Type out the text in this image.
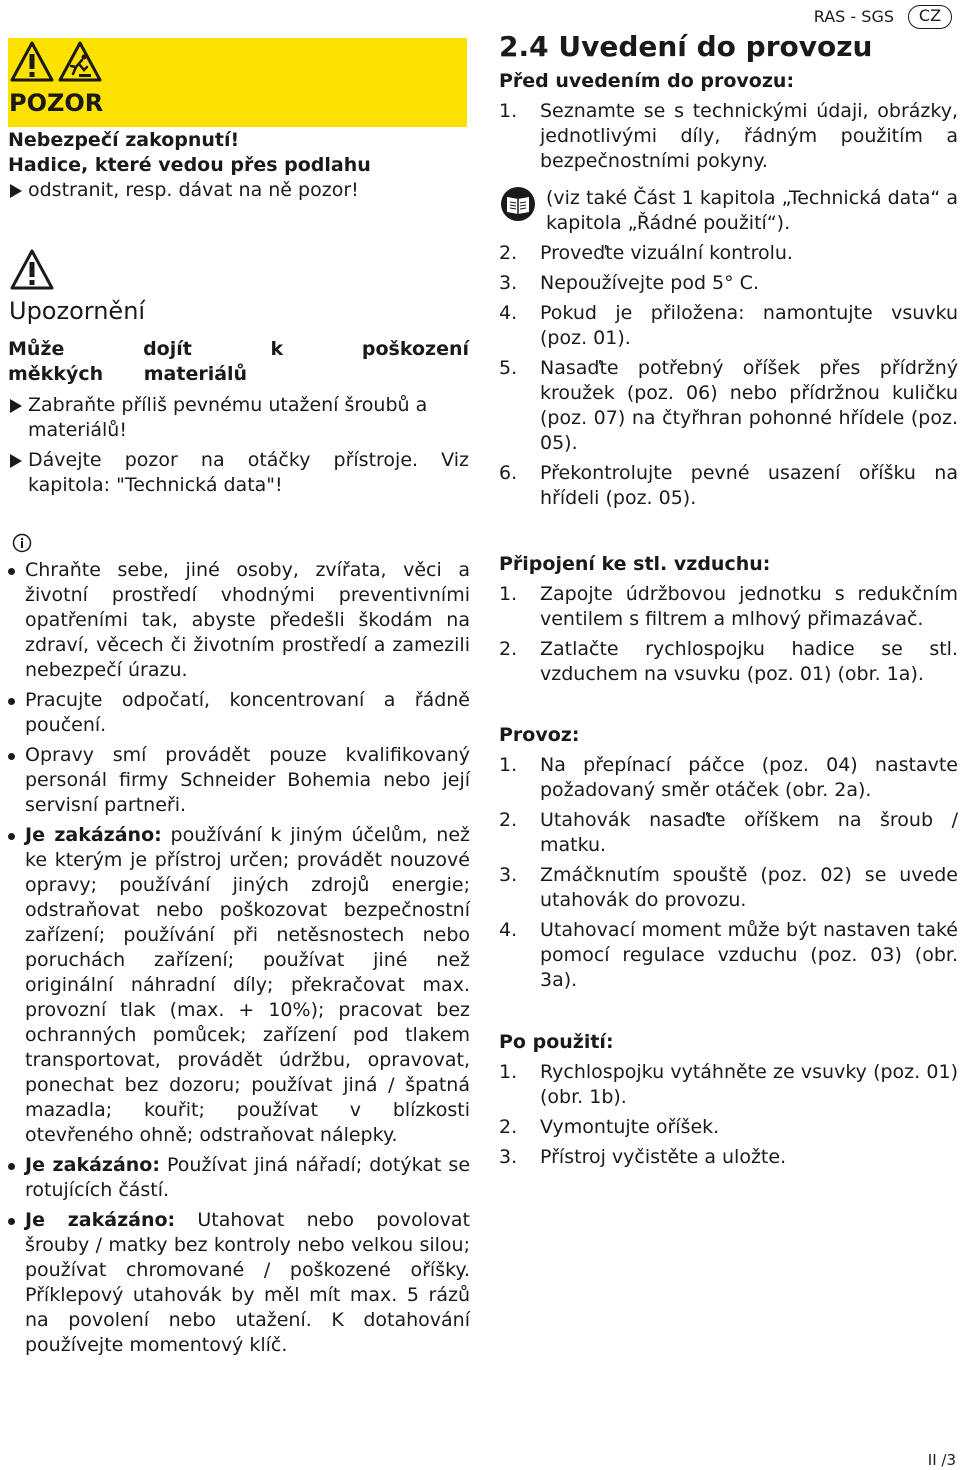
POZOR
Nebezpečí zakopnutí!
Hadice, které vedou přes podlahu
odstranit, resp. dávat na ně pozor!
Upozornění

Může dojít k poškození měkkých materiálů

Zabraňte příliš pevnému utažení šroubů a materiálů!
Dávejte pozor na otáčky přístroje. Viz kapitola: "Technická data"!
Chraňte sebe, jiné osoby, zvířata, věci a životní prostředí vhodnými preventivními opatřeními tak, abyste předešli škodám na zdraví, věcech či životním prostředí a zamezili nebezpečí úrazu.
Pracujte odpočatí, koncentrovaní a řádně poučení.
Opravy smí provádět pouze kvalifikovaný personál firmy Schneider Bohemia nebo její servisní partneři.
Je zakázáno: používání k jiným účelům, než ke kterým je přístroj určen; provádět nouzové opravy; používání jiných zdrojů energie; odstraňovat nebo poškozovat bezpečnostní zařízení; používání při netěsnostech nebo poruchách zařízení; používat jiné než originální náhradní díly; překračovat max. provozní tlak (max. + 10%); pracovat bez ochranných pomůcek; zařízení pod tlakem transportovat, provádět údržbu, opravovat, ponechat bez dozoru; používat jiná / špatná mazadla; kouřit; používat v blízkosti otevřeného ohně; odstraňovat nálepky.
Je zakázáno: Používat jiná nářadí; dotýkat se rotujících částí.
Je zakázáno: Utahovat nebo povolovat šrouby / matky bez kontroly nebo velkou silou; používat chromované / poškozené oříšky. Příklepový utahovák by měl mít max. 5 rázů na povolení nebo utažení. K dotahování používejte momentový klíč.
RAS - SGS	CZ
2.4 Uvedení do provozu
Před uvedením do provozu:
1. Seznamte se s technickými údaji, obrázky, jednotlivými díly, řádným použitím a bezpečnostními pokyny.
(viz také Část 1 kapitola „Technická data“ a kapitola „Řádné použití“).
2. Proveďte vizuální kontrolu.
3. Nepoužívejte pod 5° C.
4. Pokud je přiložena: namontujte vsuvku (poz. 01).
5. Nasaďte potřebný oříšek přes přídržný kroužek (poz. 06) nebo přídržnou kuličku (poz. 07) na čtyřhran pohonné hřídele (poz. 05).
6. Překontrolujte pevné usazení oříšku na hřídeli (poz. 05).
Připojení ke stl. vzduchu:
1. Zapojte údržbovou jednotku s redukčním ventilem s filtrem a mlhový přimazávač.
2. Zatlačte rychlospojku hadice se stl. vzduchem na vsuvku (poz. 01) (obr. 1a).
Provoz:
1. Na přepínací páčce (poz. 04) nastavte požadovaný směr otáček (obr. 2a).
2. Utahovák nasaďte oříškem na šroub / matku.
3. Zmáčknutím spouště (poz. 02) se uvede utahovák do provozu.
4. Utahovací moment může být nastaven také pomocí regulace vzduchu (poz. 03) (obr. 3a).
Po použití:
1. Rychlospojku vytáhněte ze vsuvky (poz. 01) (obr. 1b).
2. Vymontujte oříšek.
3. Přístroj vyčistěte a uložte.
II /3
